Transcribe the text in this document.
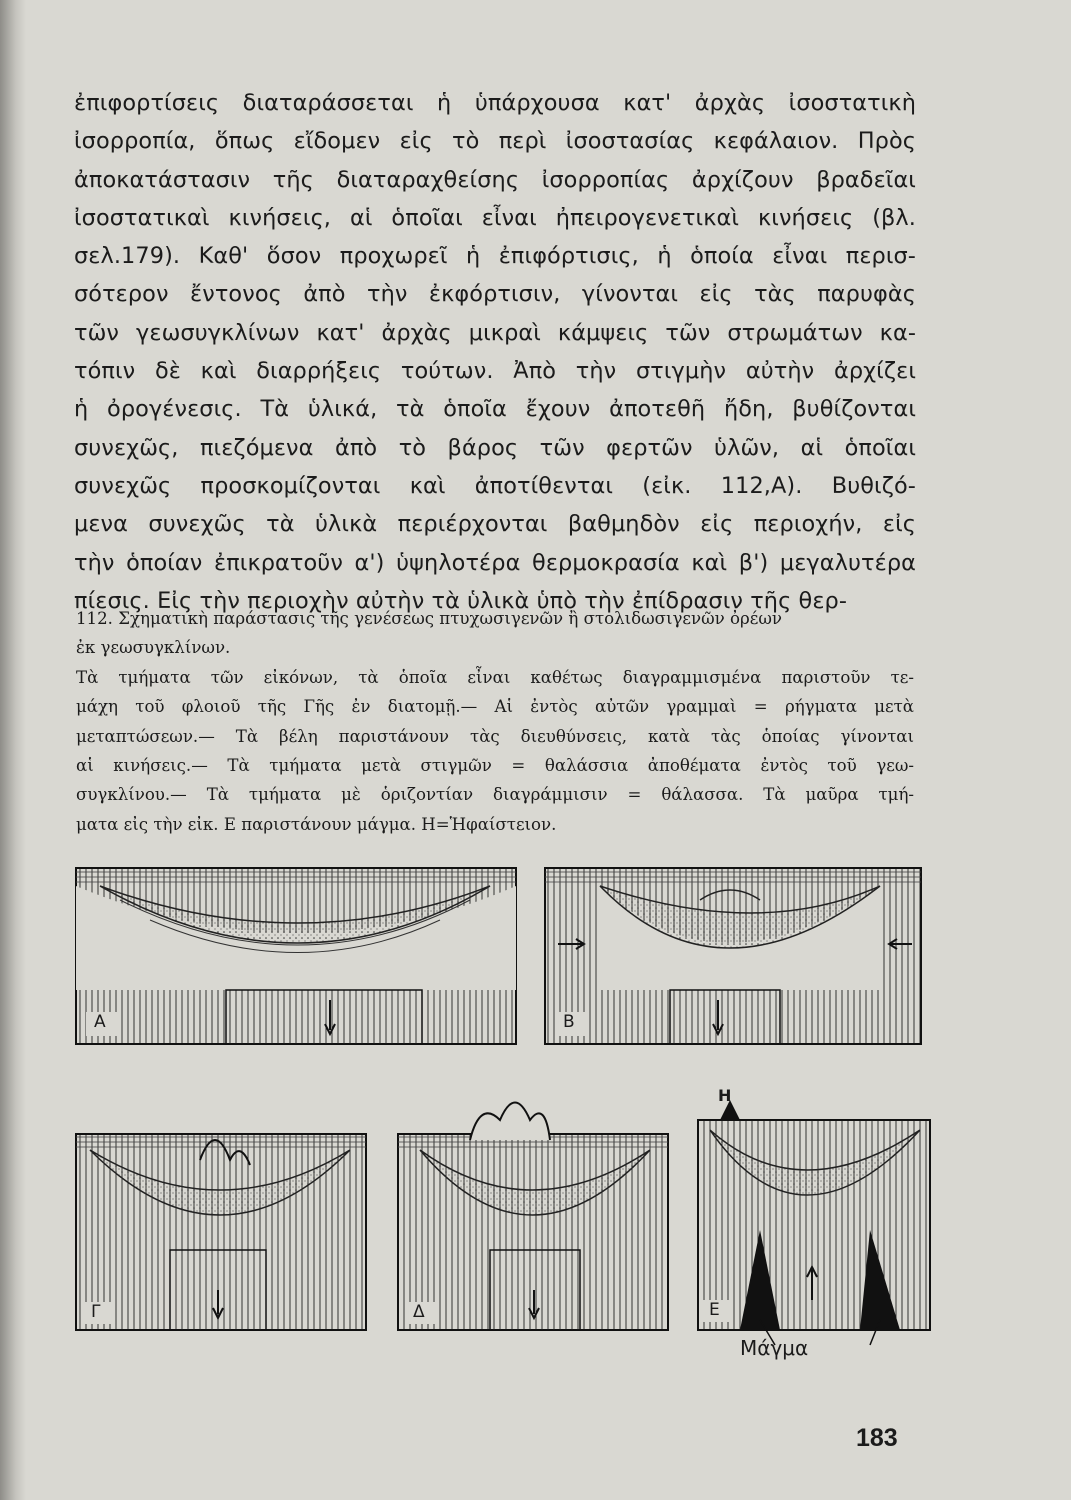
ἐπιφορτίσεις διαταράσσεται ἡ ὑπάρχουσα κατ' ἀρχὰς ἰσοστατικὴ
ἰσορροπία, ὅπως εἴδομεν εἰς τὸ περὶ ἰσοστασίας κεφάλαιον. Πρὸς
ἀποκατάστασιν τῆς διαταραχθείσης ἰσορροπίας ἀρχίζουν βραδεῖαι
ἰσοστατικαὶ κινήσεις, αἱ ὁποῖαι εἶναι ἠπειρογενετικαὶ κινήσεις (βλ.
σελ.179). Καθ' ὅσον προχωρεῖ ἡ ἐπιφόρτισις, ἡ ὁποία εἶναι περισ-
σότερον ἔντονος ἀπὸ τὴν ἐκφόρτισιν, γίνονται εἰς τὰς παρυφὰς
τῶν γεωσυγκλίνων κατ' ἀρχὰς μικραὶ κάμψεις τῶν στρωμάτων κα-
τόπιν δὲ καὶ διαρρήξεις τούτων. Ἀπὸ τὴν στιγμὴν αὐτὴν ἀρχίζει
ἡ ὀρογένεσις. Τὰ ὑλικά, τὰ ὁποῖα ἔχουν ἀποτεθῆ ἤδη, βυθίζονται
συνεχῶς, πιεζόμενα ἀπὸ τὸ βάρος τῶν φερτῶν ὑλῶν, αἱ ὁποῖαι
συνεχῶς προσκομίζονται καὶ ἀποτίθενται (εἰκ. 112,Α). Βυθιζό-
μενα συνεχῶς τὰ ὑλικὰ περιέρχονται βαθμηδὸν εἰς περιοχήν, εἰς
τὴν ὁποίαν ἐπικρατοῦν α') ὑψηλοτέρα θερμοκρασία καὶ β') μεγαλυτέρα
πίεσις. Εἰς τὴν περιοχὴν αὐτὴν τὰ ὑλικὰ ὑπὸ τὴν ἐπίδρασιν τῆς θερ-
112. Σχηματικὴ παράστασις τῆς γενέσεως πτυχωσιγενῶν ἢ στολιδωσιγενῶν ὀρέων
ἐκ γεωσυγκλίνων.
Τὰ τμήματα τῶν εἰκόνων, τὰ ὁποῖα εἶναι καθέτως διαγραμμισμένα παριστοῦν τε-
μάχη τοῦ φλοιοῦ τῆς Γῆς ἐν διατομῇ.— Αἱ ἐντὸς αὐτῶν γραμμαὶ = ρήγματα μετὰ
μεταπτώσεων.— Τὰ βέλη παριστάνουν τὰς διευθύνσεις, κατὰ τὰς ὁποίας γίνονται
αἱ κινήσεις.— Τὰ τμήματα μετὰ στιγμῶν = θαλάσσια ἀποθέματα ἐντὸς τοῦ γεω-
συγκλίνου.— Τὰ τμήματα μὲ ὁριζοντίαν διαγράμμισιν = θάλασσα. Τὰ μαῦρα τμή-
ματα εἰς τὴν εἰκ. Ε παριστάνουν μάγμα. Η=Ἡφαίστειον.
Α	Β
Γ	Δ	Ε
Η
Μάγμα
183
